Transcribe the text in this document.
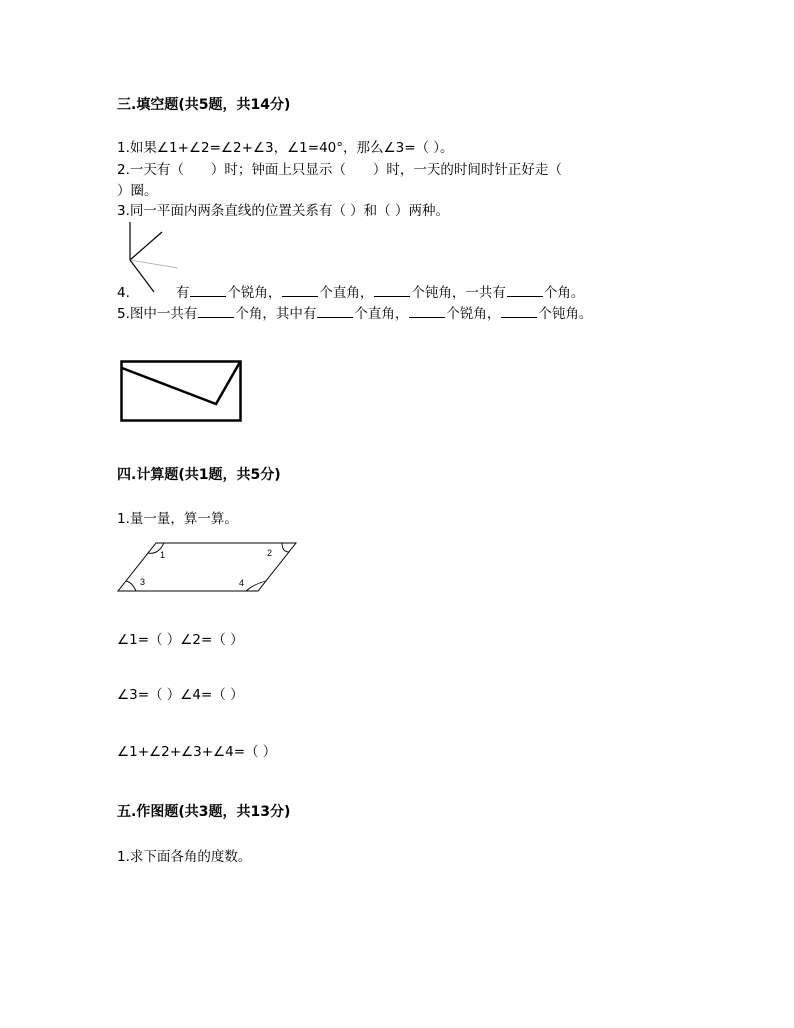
三.填空题(共5题，共14分)
1.如果∠1+∠2=∠2+∠3，∠1=40°，那么∠3=（ ）。
2.一天有（　　）时；钟面上只显示（　　）时，一天的时间时针正好走（
）圈。
3.同一平面内两条直线的位置关系有（ ）和（ ）两种。
4.	有	个锐角，	个直角，	个钝角，一共有	个角。
5.图中一共有	个角，其中有	个直角，	个锐角，	个钝角。
四.计算题(共1题，共5分)
1.量一量，算一算。
1	2
3	4
∠1=（ ）∠2=（ ）
∠3=（ ）∠4=（ ）
∠1+∠2+∠3+∠4=（ ）
五.作图题(共3题，共13分)
1.求下面各角的度数。
